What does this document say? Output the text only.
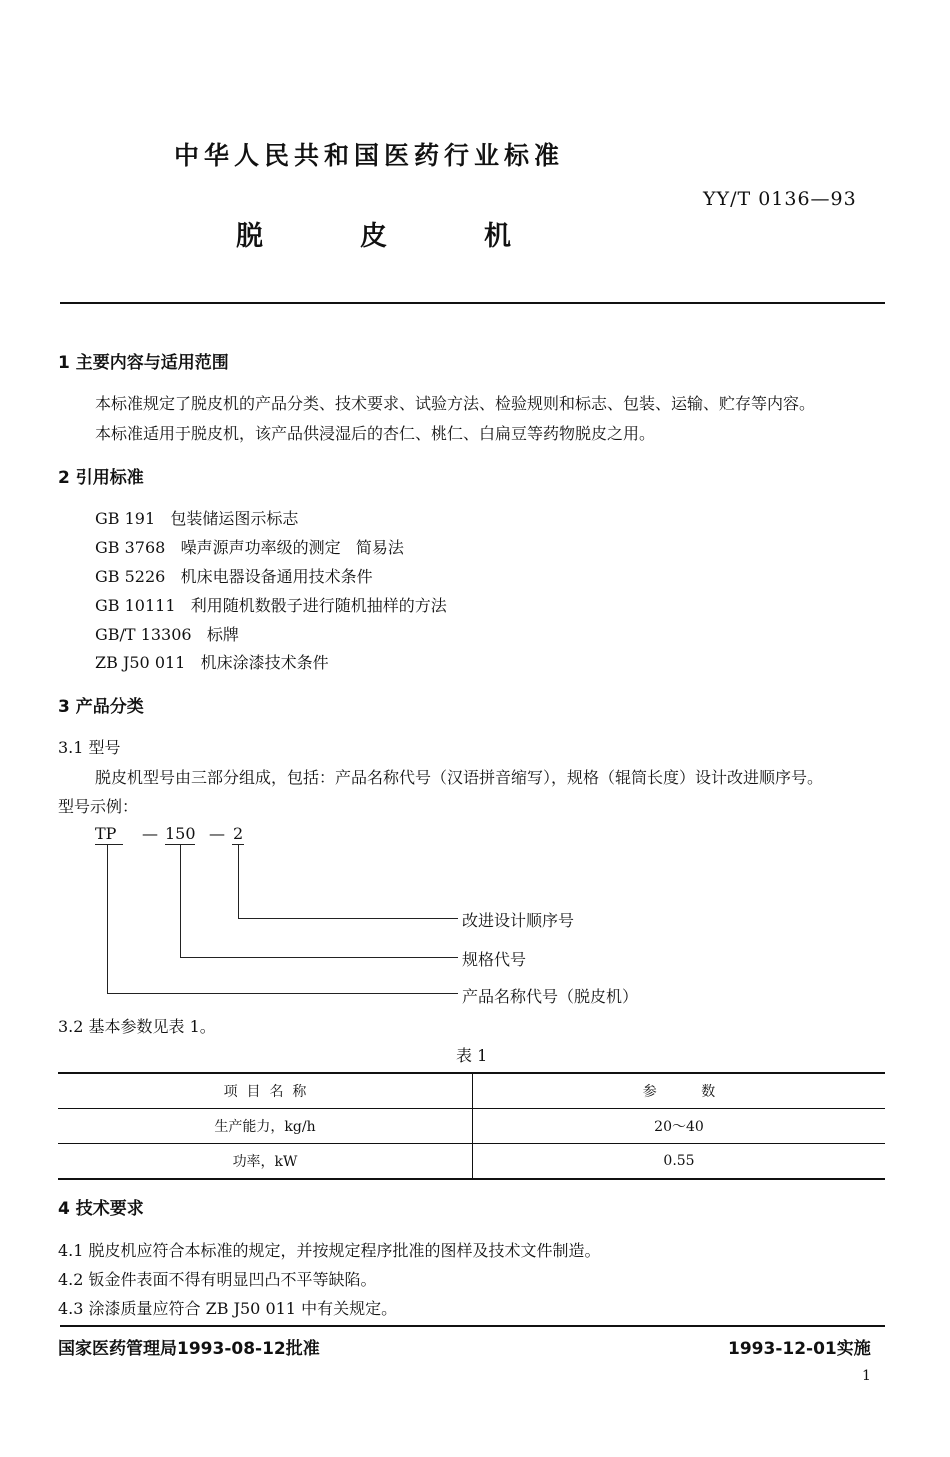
中华人民共和国医药行业标准
YY/T 0136—93
脱	皮	机
1 主要内容与适用范围
本标准规定了脱皮机的产品分类、技术要求、试验方法、检验规则和标志、包装、运输、贮存等内容。
本标准适用于脱皮机，该产品供浸湿后的杏仁、桃仁、白扁豆等药物脱皮之用。
2 引用标准
GB 191   包装储运图示标志
GB 3768   噪声源声功率级的测定   简易法
GB 5226   机床电器设备通用技术条件
GB 10111   利用随机数骰子进行随机抽样的方法
GB/T 13306   标牌
ZB J50 011   机床涂漆技术条件
3 产品分类
3.1 型号
脱皮机型号由三部分组成，包括：产品名称代号（汉语拼音缩写），规格（辊筒长度）设计改进顺序号。
型号示例：
TP — 150 — 2
改进设计顺序号
规格代号
产品名称代号（脱皮机）
3.2 基本参数见表 1。
表 1
项  目  名  称	参          数
生产能力，kg/h	20～40
功率，kW	0.55
4 技术要求
4.1 脱皮机应符合本标准的规定，并按规定程序批准的图样及技术文件制造。
4.2 钣金件表面不得有明显凹凸不平等缺陷。
4.3 涂漆质量应符合 ZB J50 011 中有关规定。
国家医药管理局1993-08-12批准	1993-12-01实施
1
